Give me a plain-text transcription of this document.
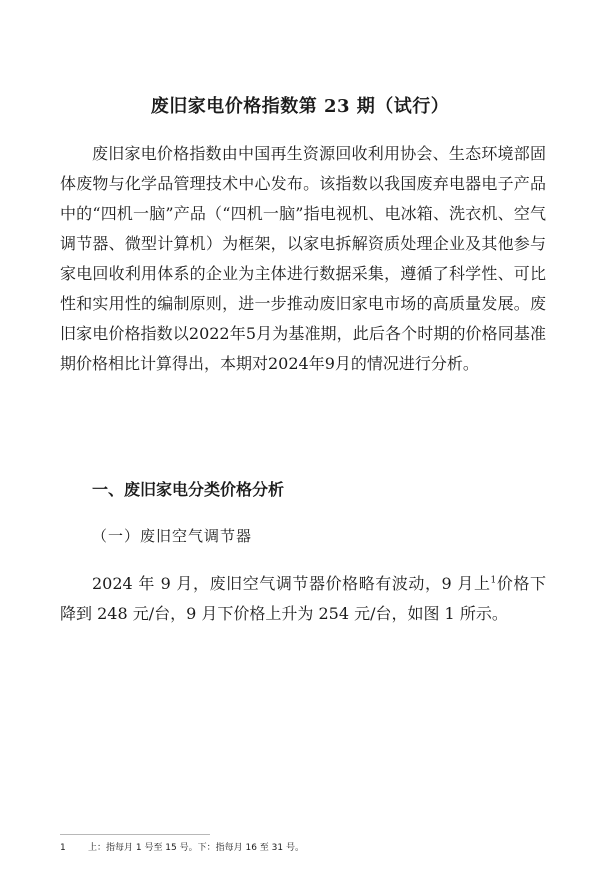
废旧家电价格指数第 23 期（试行）

废旧家电价格指数由中国再生资源回收利用协会、生态环境部固体废物与化学品管理技术中心发布。该指数以我国废弃电器电子产品中的“四机一脑”产品（“四机一脑”指电视机、电冰箱、洗衣机、空气调节器、微型计算机）为框架，以家电拆解资质处理企业及其他参与家电回收利用体系的企业为主体进行数据采集，遵循了科学性、可比性和实用性的编制原则，进一步推动废旧家电市场的高质量发展。废旧家电价格指数以2022年5月为基准期，此后各个时期的价格同基准期价格相比计算得出，本期对2024年9月的情况进行分析。

一、废旧家电分类价格分析
（一）废旧空气调节器

2024 年 9 月，废旧空气调节器价格略有波动，9 月上$^1$价格下降到 248 元/台，9 月下价格上升为 254 元/台，如图 1 所示。

1 上：指每月 1 号至 15 号。下：指每月 16 至 31 号。
